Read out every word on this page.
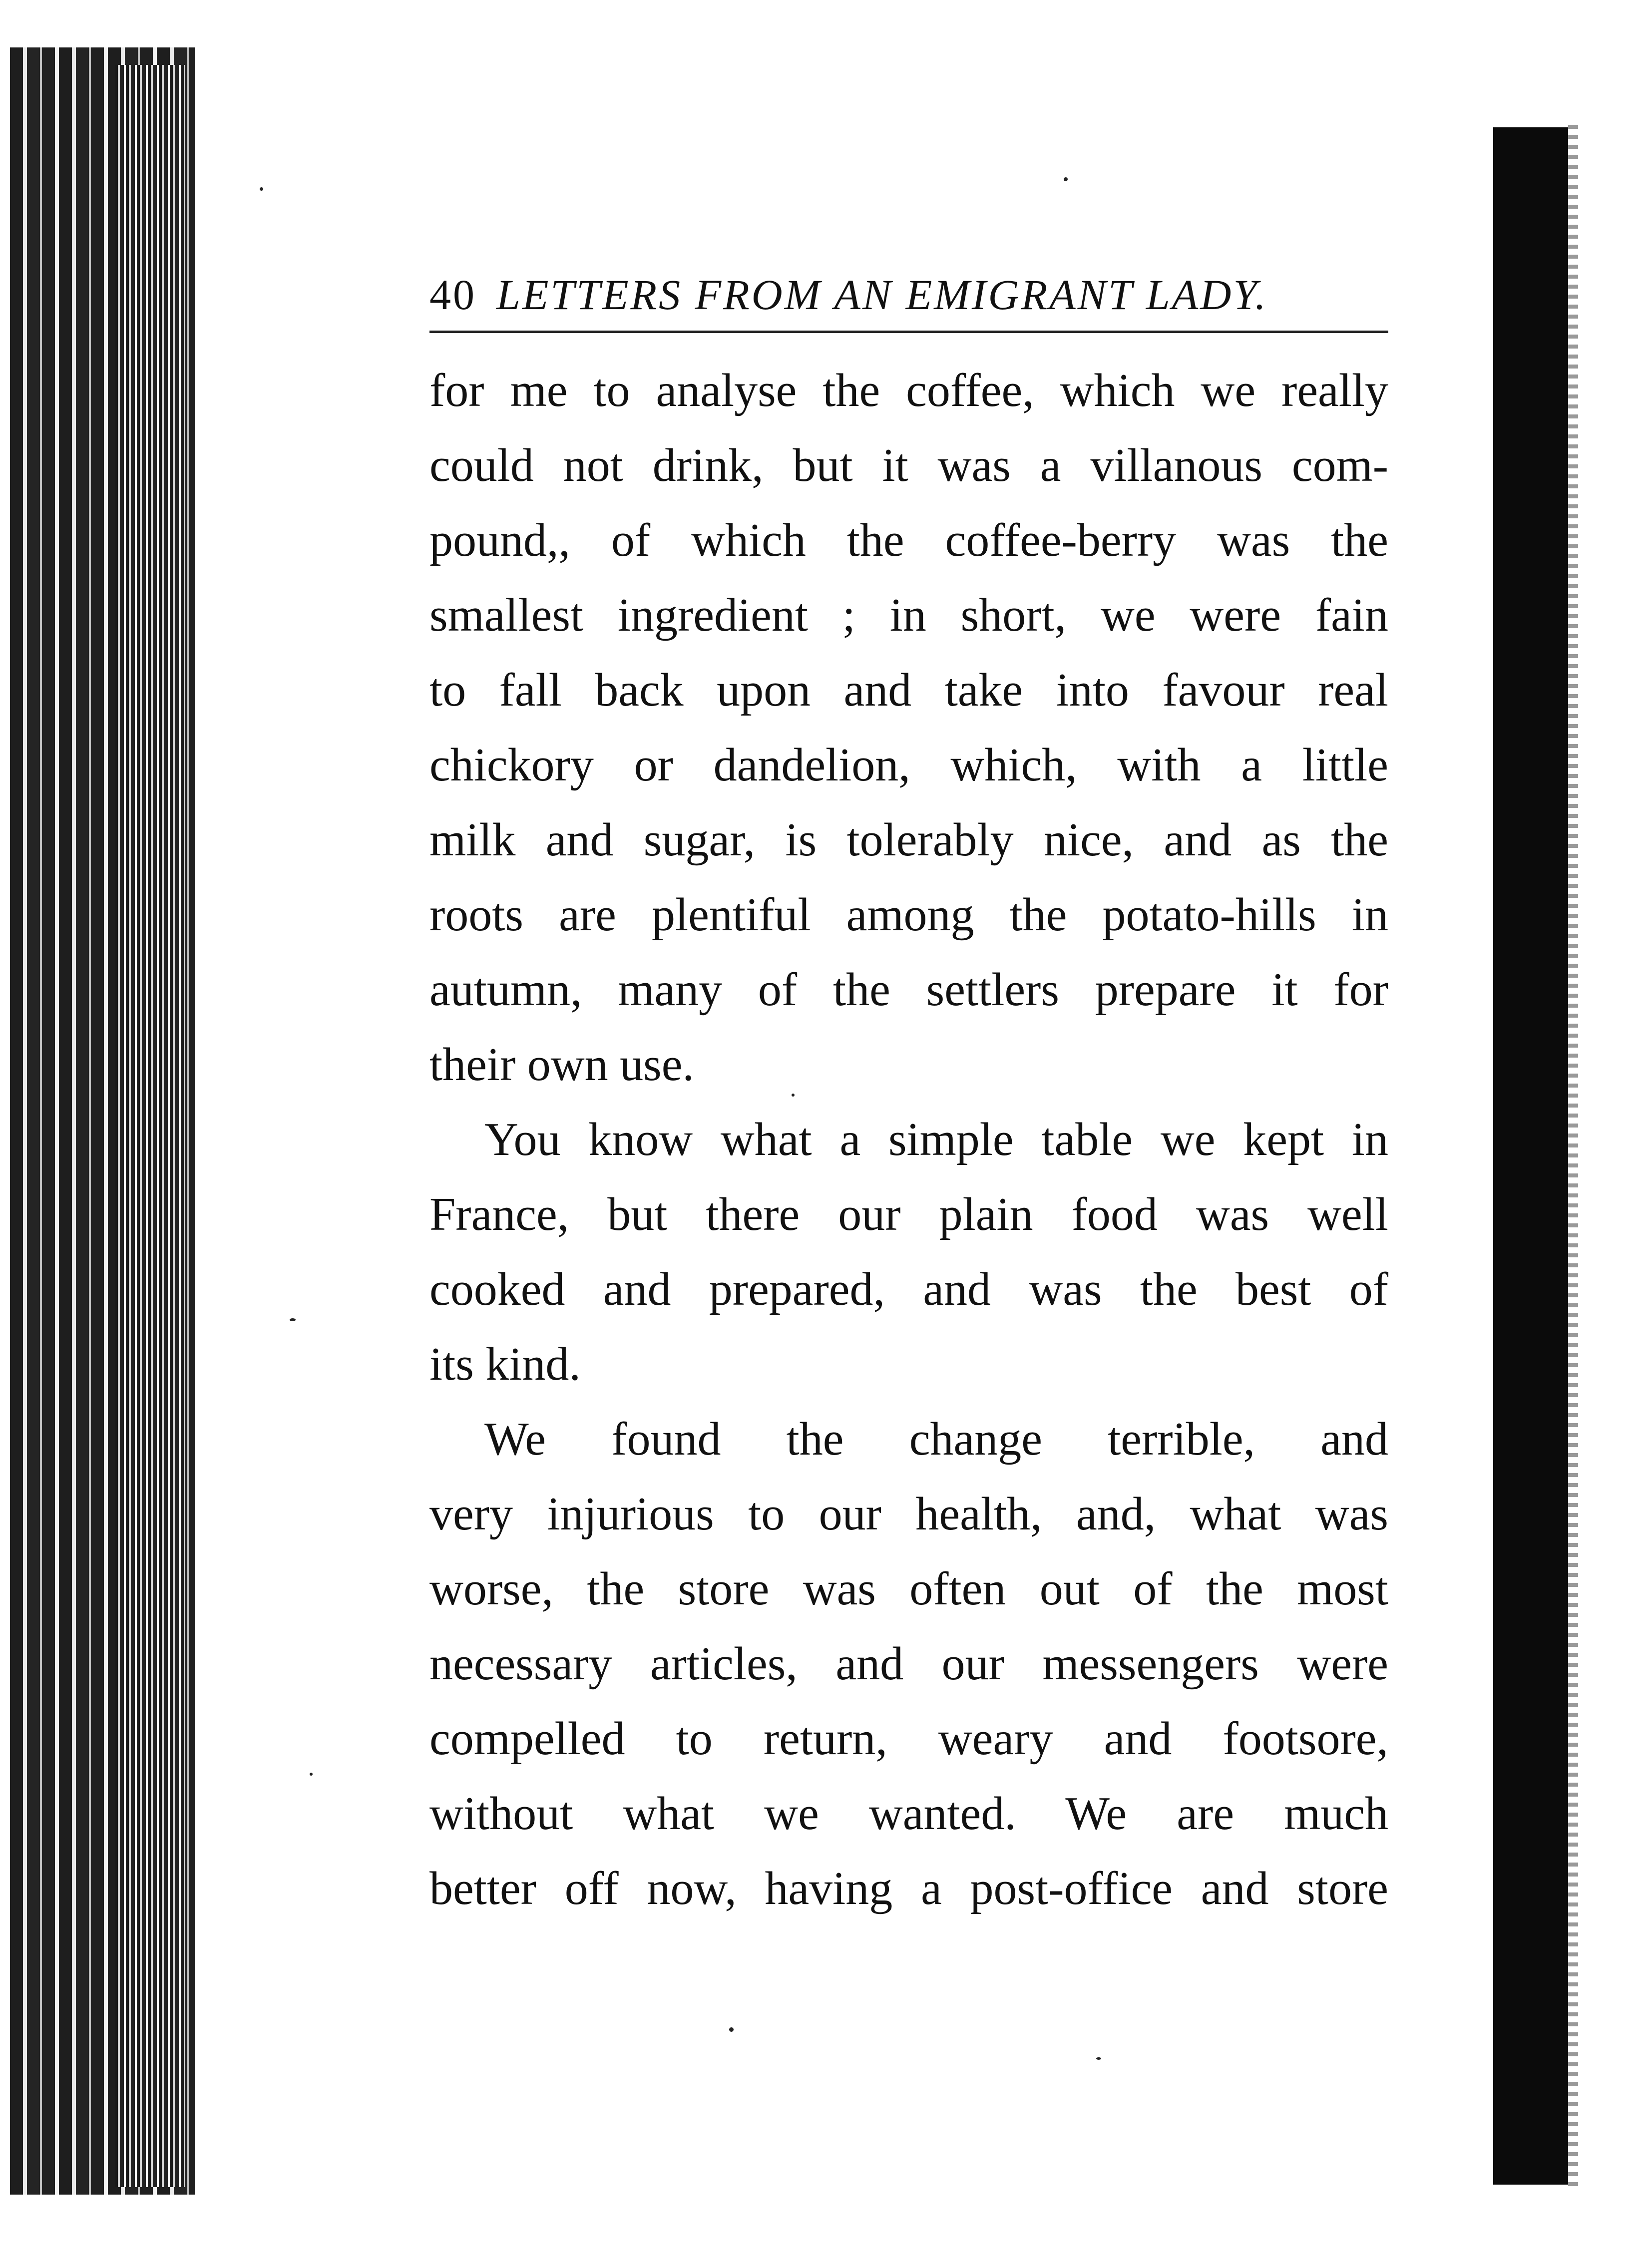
40 LETTERS FROM AN EMIGRANT LADY.

for me to analyse the coffee, which we really
could not drink, but it was a villanous com-
pound,, of which the coffee-berry was the
smallest ingredient ; in short, we were fain
to fall back upon and take into favour real
chickory or dandelion, which, with a little
milk and sugar, is tolerably nice, and as the
roots are plentiful among the potato-hills in
autumn, many of the settlers prepare it for
their own use.

You know what a simple table we kept in
France, but there our plain food was well
cooked and prepared, and was the best of
its kind.

We found the change terrible, and
very injurious to our health, and, what was
worse, the store was often out of the most
necessary articles, and our messengers were
compelled to return, weary and footsore,
without what we wanted. We are much
better off now, having a post-office and store
